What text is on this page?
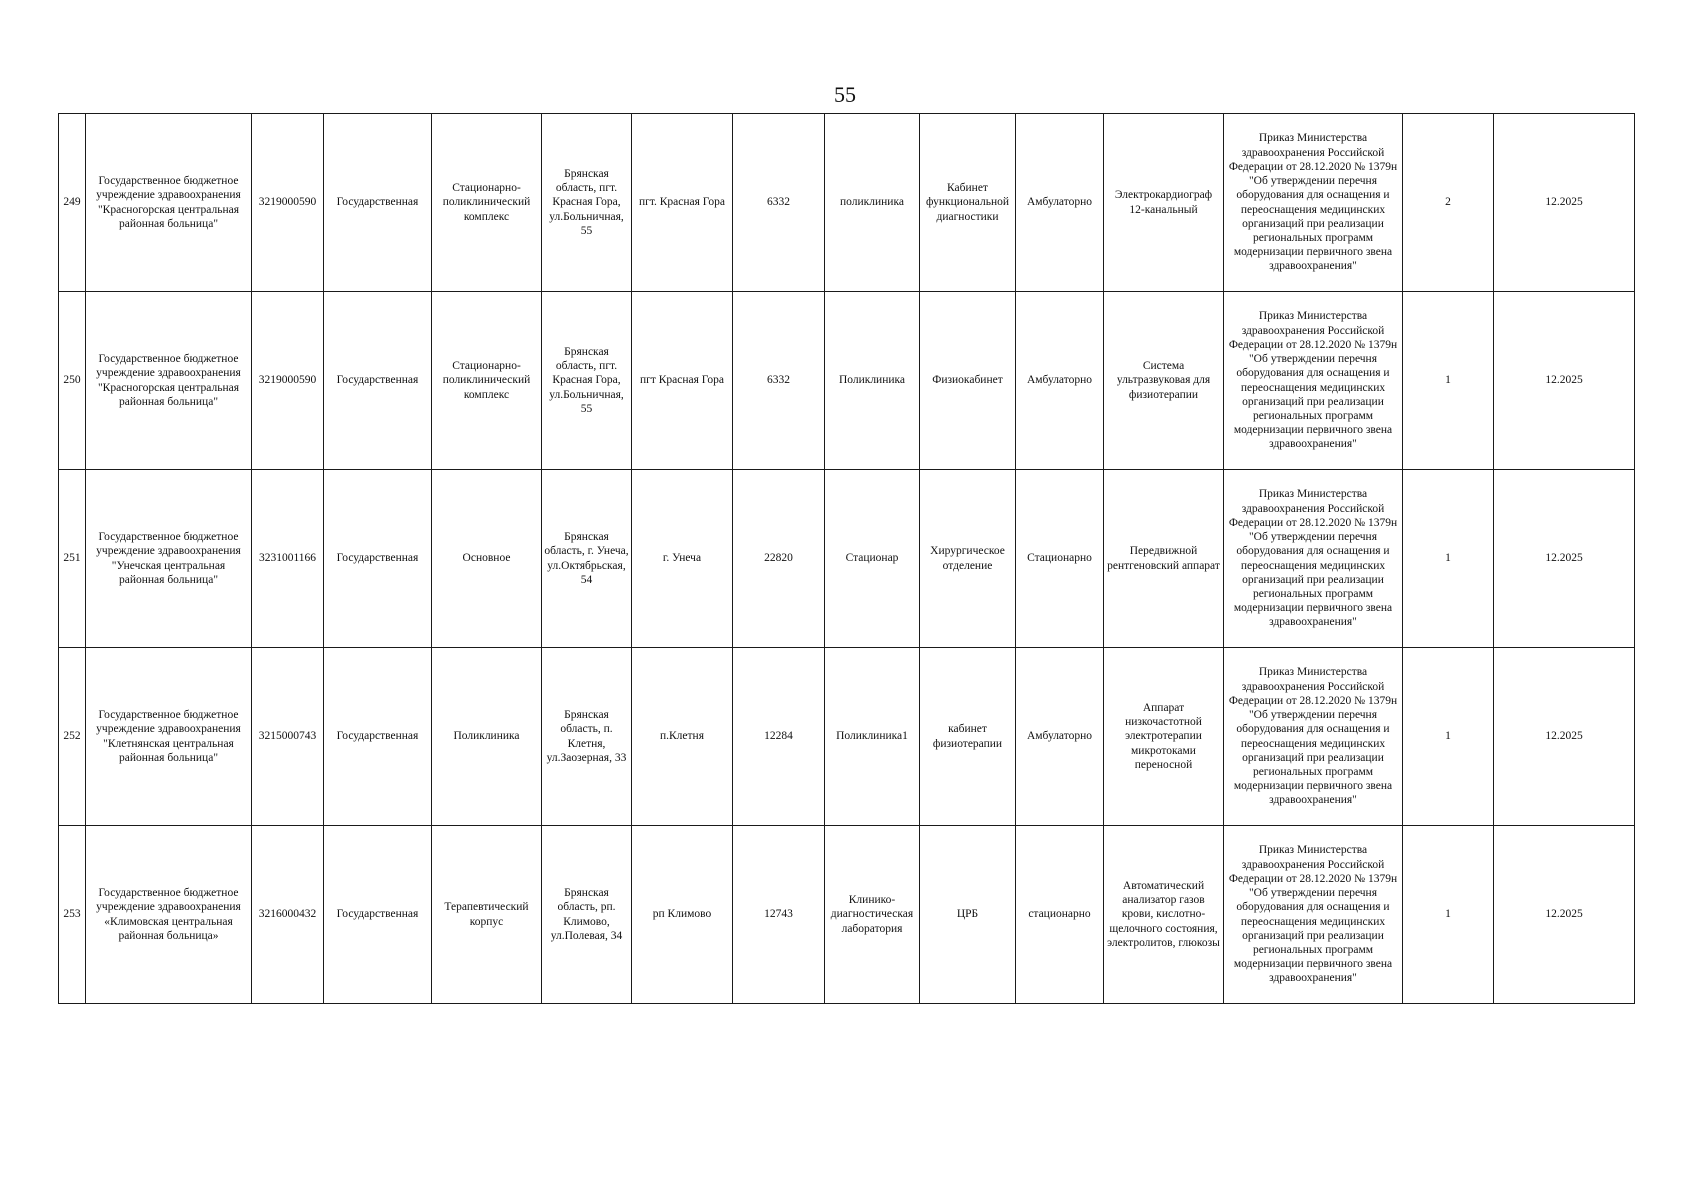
55
249	Государственное бюджетное учреждение здравоохранения "Красногорская центральная районная больница"	3219000590	Государственная	Стационарно-поликлинический комплекс	Брянская область, пгт. Красная Гора, ул.Больничная, 55	пгт. Красная Гора	6332	поликлиника	Кабинет функциональной диагностики	Амбулаторно	Электрокардиограф 12-канальный	Приказ Министерства здравоохранения Российской Федерации от 28.12.2020 № 1379н "Об утверждении перечня оборудования для оснащения и переоснащения медицинских организаций при реализации региональных программ модернизации первичного звена здравоохранения"	2	12.2025
250	Государственное бюджетное учреждение здравоохранения "Красногорская центральная районная больница"	3219000590	Государственная	Стационарно-поликлинический комплекс	Брянская область, пгт. Красная Гора, ул.Больничная, 55	пгт Красная Гора	6332	Поликлиника	Физиокабинет	Амбулаторно	Система ультразвуковая для физиотерапии	Приказ Министерства здравоохранения Российской Федерации от 28.12.2020 № 1379н "Об утверждении перечня оборудования для оснащения и переоснащения медицинских организаций при реализации региональных программ модернизации первичного звена здравоохранения"	1	12.2025
251	Государственное бюджетное учреждение здравоохранения "Унечская центральная районная больница"	3231001166	Государственная	Основное	Брянская область, г. Унеча, ул.Октябрьская, 54	г. Унеча	22820	Стационар	Хирургическое отделение	Стационарно	Передвижной рентгеновский аппарат	Приказ Министерства здравоохранения Российской Федерации от 28.12.2020 № 1379н "Об утверждении перечня оборудования для оснащения и переоснащения медицинских организаций при реализации региональных программ модернизации первичного звена здравоохранения"	1	12.2025
252	Государственное бюджетное учреждение здравоохранения "Клетнянская центральная районная больница"	3215000743	Государственная	Поликлиника	Брянская область, п. Клетня, ул.Заозерная, 33	п.Клетня	12284	Поликлиника1	кабинет физиотерапии	Амбулаторно	Аппарат низкочастотной электротерапии микротоками переносной	Приказ Министерства здравоохранения Российской Федерации от 28.12.2020 № 1379н "Об утверждении перечня оборудования для оснащения и переоснащения медицинских организаций при реализации региональных программ модернизации первичного звена здравоохранения"	1	12.2025
253	Государственное бюджетное учреждение здравоохранения «Климовская центральная районная больница»	3216000432	Государственная	Терапевтический корпус	Брянская область, рп. Климово, ул.Полевая, 34	рп Климово	12743	Клинико-диагностическая лаборатория	ЦРБ	стационарно	Автоматический анализатор газов крови, кислотно-щелочного состояния, электролитов, глюкозы	Приказ Министерства здравоохранения Российской Федерации от 28.12.2020 № 1379н "Об утверждении перечня оборудования для оснащения и переоснащения медицинских организаций при реализации региональных программ модернизации первичного звена здравоохранения"	1	12.2025
